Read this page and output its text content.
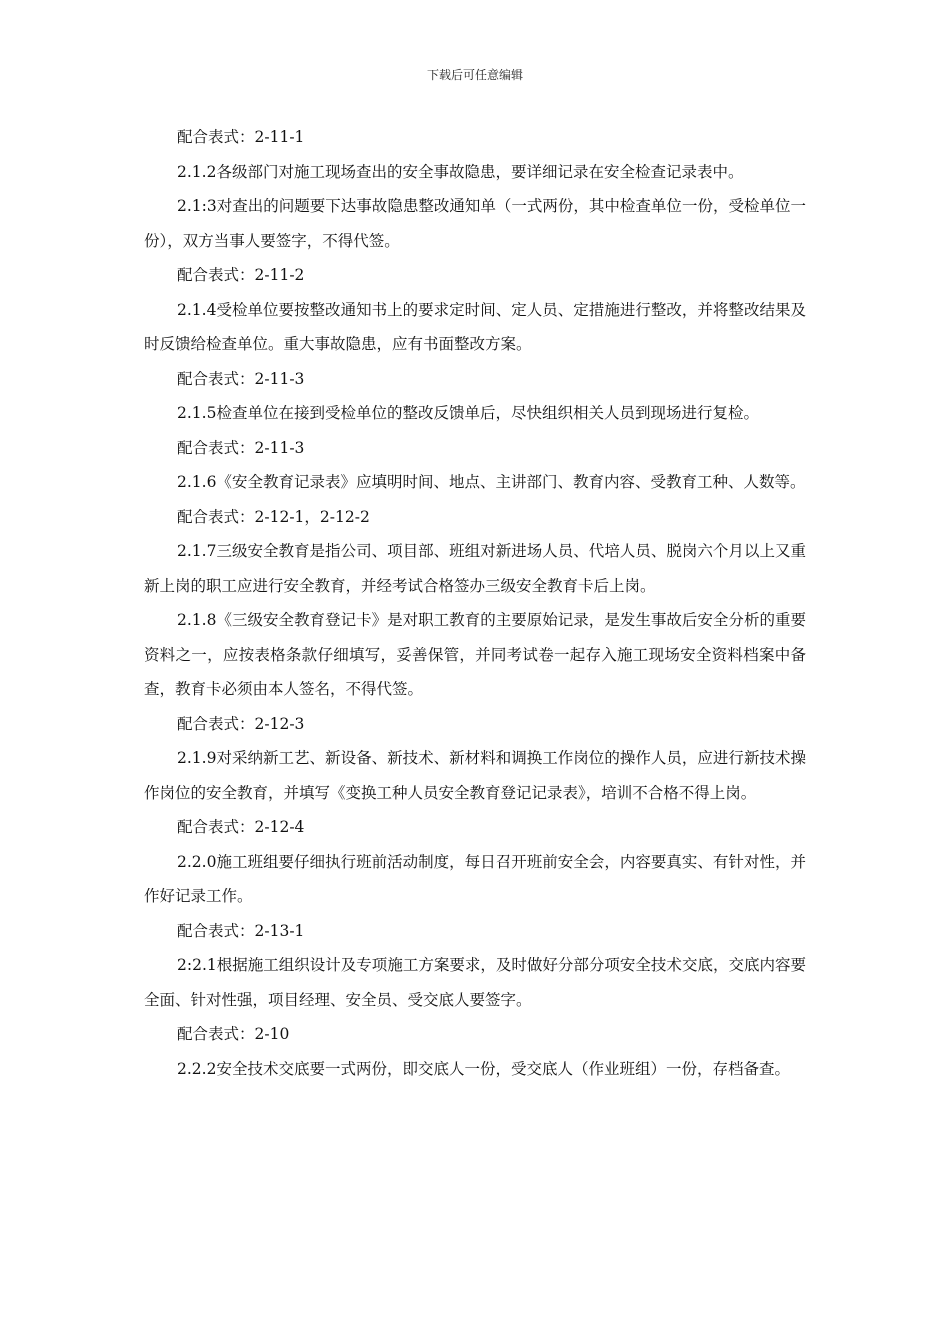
下载后可任意编辑

配合表式：2-11-1

2.1.2各级部门对施工现场查出的安全事故隐患，要详细记录在安全检查记录表中。

2.1:3对查出的问题要下达事故隐患整改通知单（一式两份，其中检查单位一份，受检单位一份），双方当事人要签字，不得代签。

配合表式：2-11-2

2.1.4受检单位要按整改通知书上的要求定时间、定人员、定措施进行整改，并将整改结果及时反馈给检查单位。重大事故隐患，应有书面整改方案。

配合表式：2-11-3

2.1.5检查单位在接到受检单位的整改反馈单后，尽快组织相关人员到现场进行复检。

配合表式：2-11-3

2.1.6《安全教育记录表》应填明时间、地点、主讲部门、教育内容、受教育工种、人数等。

配合表式：2-12-1，2-12-2

2.1.7三级安全教育是指公司、项目部、班组对新进场人员、代培人员、脱岗六个月以上又重新上岗的职工应进行安全教育，并经考试合格签办三级安全教育卡后上岗。

2.1.8《三级安全教育登记卡》是对职工教育的主要原始记录，是发生事故后安全分析的重要资料之一，应按表格条款仔细填写，妥善保管，并同考试卷一起存入施工现场安全资料档案中备查，教育卡必须由本人签名，不得代签。

配合表式：2-12-3

2.1.9对采纳新工艺、新设备、新技术、新材料和调换工作岗位的操作人员，应进行新技术操作岗位的安全教育，并填写《变换工种人员安全教育登记记录表》，培训不合格不得上岗。

配合表式：2-12-4

2.2.0施工班组要仔细执行班前活动制度，每日召开班前安全会，内容要真实、有针对性，并作好记录工作。

配合表式：2-13-1

2:2.1根据施工组织设计及专项施工方案要求，及时做好分部分项安全技术交底，交底内容要全面、针对性强，项目经理、安全员、受交底人要签字。

配合表式：2-10

2.2.2安全技术交底要一式两份，即交底人一份，受交底人（作业班组）一份，存档备查。
